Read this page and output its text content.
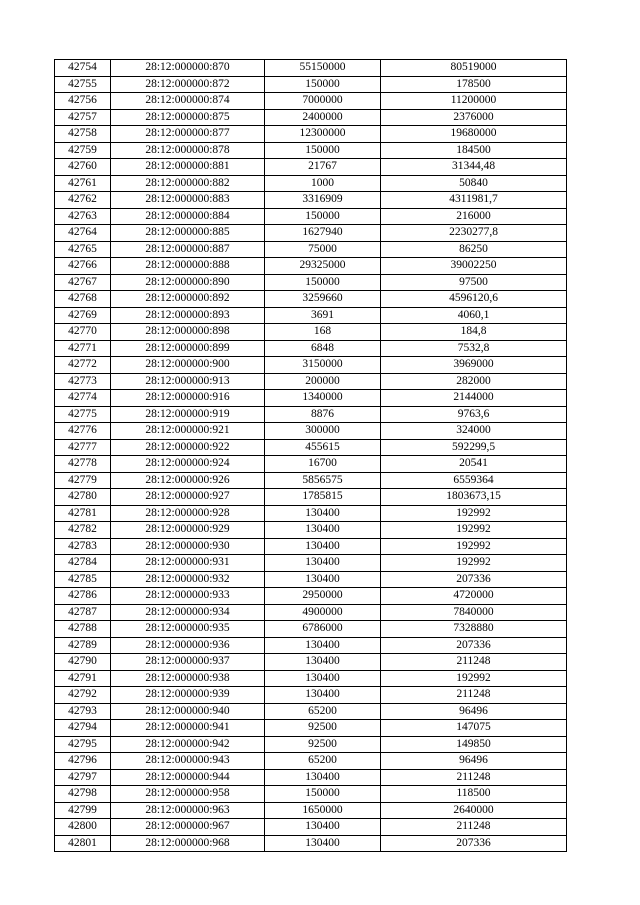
42754	28:12:000000:870	55150000	80519000
42755	28:12:000000:872	150000	178500
42756	28:12:000000:874	7000000	11200000
42757	28:12:000000:875	2400000	2376000
42758	28:12:000000:877	12300000	19680000
42759	28:12:000000:878	150000	184500
42760	28:12:000000:881	21767	31344,48
42761	28:12:000000:882	1000	50840
42762	28:12:000000:883	3316909	4311981,7
42763	28:12:000000:884	150000	216000
42764	28:12:000000:885	1627940	2230277,8
42765	28:12:000000:887	75000	86250
42766	28:12:000000:888	29325000	39002250
42767	28:12:000000:890	150000	97500
42768	28:12:000000:892	3259660	4596120,6
42769	28:12:000000:893	3691	4060,1
42770	28:12:000000:898	168	184,8
42771	28:12:000000:899	6848	7532,8
42772	28:12:000000:900	3150000	3969000
42773	28:12:000000:913	200000	282000
42774	28:12:000000:916	1340000	2144000
42775	28:12:000000:919	8876	9763,6
42776	28:12:000000:921	300000	324000
42777	28:12:000000:922	455615	592299,5
42778	28:12:000000:924	16700	20541
42779	28:12:000000:926	5856575	6559364
42780	28:12:000000:927	1785815	1803673,15
42781	28:12:000000:928	130400	192992
42782	28:12:000000:929	130400	192992
42783	28:12:000000:930	130400	192992
42784	28:12:000000:931	130400	192992
42785	28:12:000000:932	130400	207336
42786	28:12:000000:933	2950000	4720000
42787	28:12:000000:934	4900000	7840000
42788	28:12:000000:935	6786000	7328880
42789	28:12:000000:936	130400	207336
42790	28:12:000000:937	130400	211248
42791	28:12:000000:938	130400	192992
42792	28:12:000000:939	130400	211248
42793	28:12:000000:940	65200	96496
42794	28:12:000000:941	92500	147075
42795	28:12:000000:942	92500	149850
42796	28:12:000000:943	65200	96496
42797	28:12:000000:944	130400	211248
42798	28:12:000000:958	150000	118500
42799	28:12:000000:963	1650000	2640000
42800	28:12:000000:967	130400	211248
42801	28:12:000000:968	130400	207336
